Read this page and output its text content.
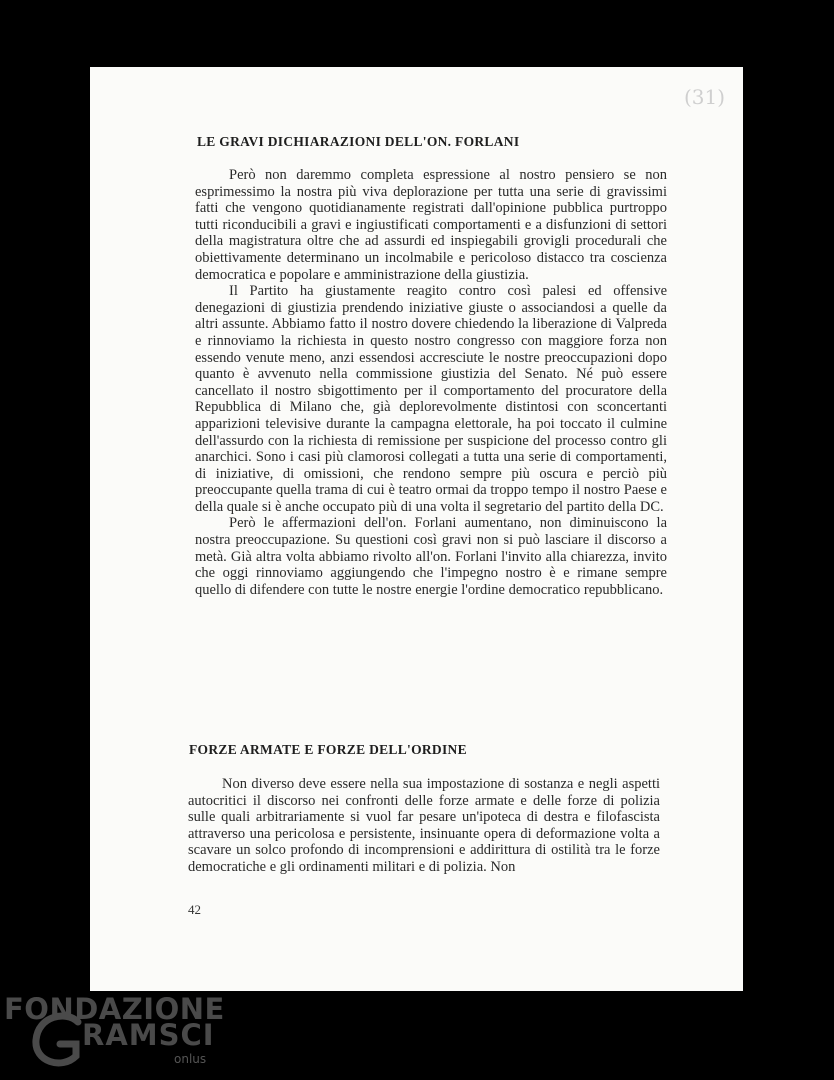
(31)
LE GRAVI DICHIARAZIONI DELL'ON. FORLANI

Però non daremmo completa espressione al nostro pensiero se non esprimessimo la nostra più viva deplorazione per tutta una serie di gravissimi fatti che vengono quotidianamente registrati dall'opinione pubblica purtroppo tutti riconducibili a gravi e ingiustificati comportamenti e a disfunzioni di settori della magistratura oltre che ad assurdi ed inspiegabili grovigli procedurali che obiettivamente determinano un incolmabile e pericoloso distacco tra coscienza democratica e popolare e amministrazione della giustizia.

Il Partito ha giustamente reagito contro così palesi ed offensive denegazioni di giustizia prendendo iniziative giuste o associandosi a quelle da altri assunte. Abbiamo fatto il nostro dovere chiedendo la liberazione di Valpreda e rinnoviamo la richiesta in questo nostro congresso con maggiore forza non essendo venute meno, anzi essendosi accresciute le nostre preoccupazioni dopo quanto è avvenuto nella commissione giustizia del Senato. Né può essere cancellato il nostro sbigottimento per il comportamento del procuratore della Repubblica di Milano che, già deplorevolmente distintosi con sconcertanti apparizioni televisive durante la campagna elettorale, ha poi toccato il culmine dell'assurdo con la richiesta di remissione per suspicione del processo contro gli anarchici. Sono i casi più clamorosi collegati a tutta una serie di comportamenti, di iniziative, di omissioni, che rendono sempre più oscura e perciò più preoccupante quella trama di cui è teatro ormai da troppo tempo il nostro Paese e della quale si è anche occupato più di una volta il segretario del partito della DC.

Però le affermazioni dell'on. Forlani aumentano, non diminuiscono la nostra preoccupazione. Su questioni così gravi non si può lasciare il discorso a metà. Già altra volta abbiamo rivolto all'on. Forlani l'invito alla chiarezza, invito che oggi rinnoviamo aggiungendo che l'impegno nostro è e rimane sempre quello di difendere con tutte le nostre energie l'ordine democratico repubblicano.

FORZE ARMATE E FORZE DELL'ORDINE

Non diverso deve essere nella sua impostazione di sostanza e negli aspetti autocritici il discorso nei confronti delle forze armate e delle forze di polizia sulle quali arbitrariamente si vuol far pesare un'ipoteca di destra e filofascista attraverso una pericolosa e persistente, insinuante opera di deformazione volta a scavare un solco profondo di incomprensioni e addirittura di ostilità tra le forze democratiche e gli ordinamenti militari e di polizia. Non

42
FONDAZIONE
RAMSCI
onlus
